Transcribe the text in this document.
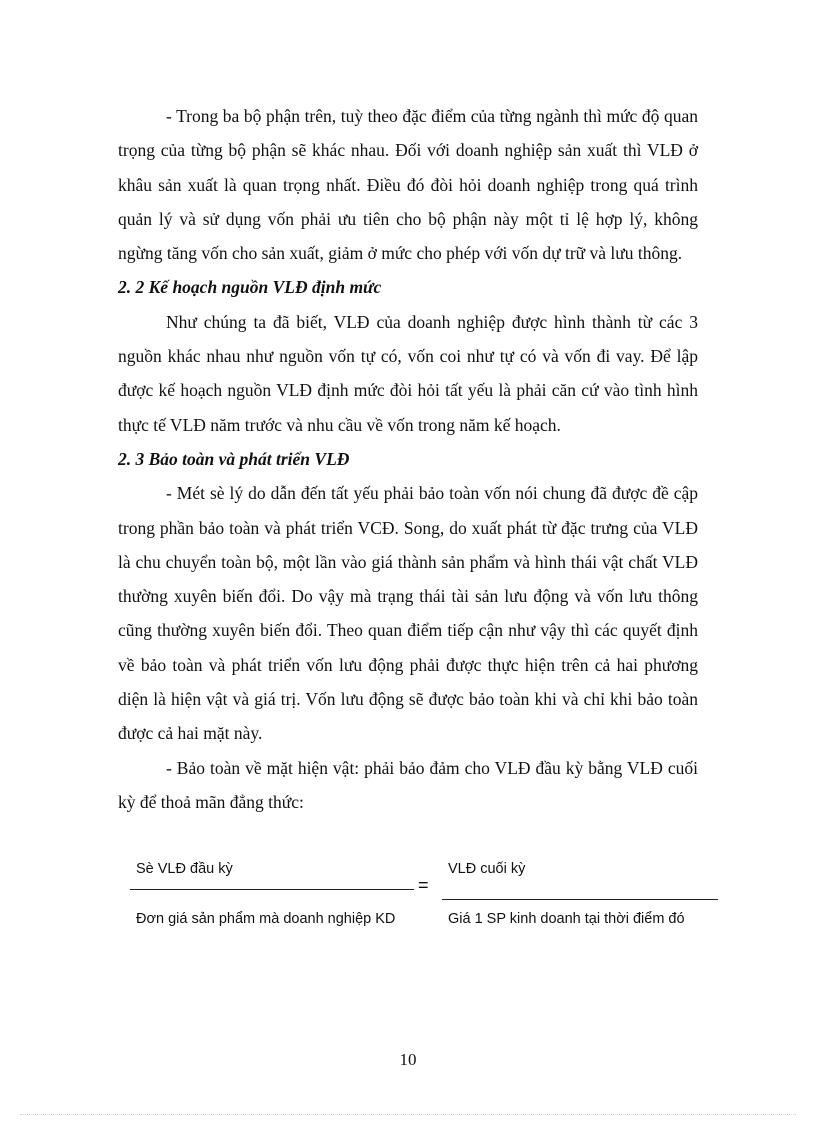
- Trong ba bộ phận trên, tuỳ theo đặc điểm của từng ngành thì mức độ quan trọng của từng bộ phận sẽ khác nhau. Đối với doanh nghiệp sản xuất thì VLĐ ở khâu sản xuất là quan trọng nhất. Điều đó đòi hỏi doanh nghiệp trong quá trình quản lý và sử dụng vốn phải ưu tiên cho bộ phận này một tỉ lệ hợp lý, không ngừng tăng vốn cho sản xuất, giảm ở mức cho phép với vốn dự trữ và lưu thông.

2. 2 Kế hoạch nguồn VLĐ định mức

Như chúng ta đã biết, VLĐ của doanh nghiệp được hình thành từ các 3 nguồn khác nhau như nguồn vốn tự có, vốn coi như tự có và vốn đi vay. Để lập được kế hoạch nguồn VLĐ định mức đòi hỏi tất yếu là phải căn cứ vào tình hình thực tế VLĐ năm trước và nhu cầu về vốn trong năm kế hoạch.

2. 3 Bảo toàn và phát triển VLĐ

- Mét sè lý do dẫn đến tất yếu phải bảo toàn vốn nói chung đã được đề cập trong phần bảo toàn và phát triển VCĐ. Song, do xuất phát từ đặc trưng của VLĐ là chu chuyển toàn bộ, một lần vào giá thành sản phẩm và hình thái vật chất VLĐ thường xuyên biến đổi. Do vậy mà trạng thái tài sản lưu động và vốn lưu thông cũng thường xuyên biến đổi. Theo quan điểm tiếp cận như vậy thì các quyết định về bảo toàn và phát triển vốn lưu động phải được thực hiện trên cả hai phương diện là hiện vật và giá trị. Vốn lưu động sẽ được bảo toàn khi và chỉ khi bảo toàn được cả hai mặt này.

- Bảo toàn về mặt hiện vật: phải bảo đảm cho VLĐ đầu kỳ bằng VLĐ cuối kỳ để thoả mãn đẳng thức:

Sè VLĐ đầu kỳ
Đơn giá sản phẩm mà doanh nghiệp KD
=
VLĐ cuối kỳ
Giá 1 SP kinh doanh tại thời điểm đó
10
